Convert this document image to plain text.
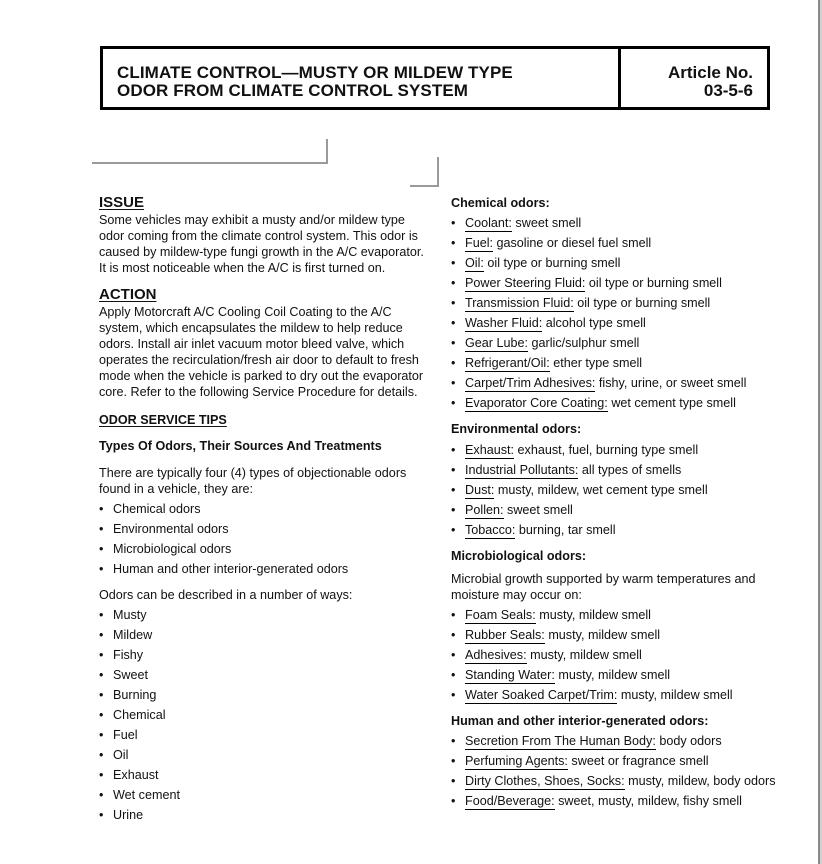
CLIMATE CONTROL—MUSTY OR MILDEW TYPE
ODOR FROM CLIMATE CONTROL SYSTEM
Article No.
03-5-6
ISSUE

Some vehicles may exhibit a musty and/or mildew type odor coming from the climate control system. This odor is caused by mildew-type fungi growth in the A/C evaporator. It is most noticeable when the A/C is first turned on.

ACTION

Apply Motorcraft A/C Cooling Coil Coating to the A/C system, which encapsulates the mildew to help reduce odors. Install air inlet vacuum motor bleed valve, which operates the recirculation/fresh air door to default to fresh mode when the vehicle is parked to dry out the evaporator core. Refer to the following Service Procedure for details.

ODOR SERVICE TIPS
Types Of Odors, Their Sources And Treatments

There are typically four (4) types of objectionable odors found in a vehicle, they are:

• Chemical odors
• Environmental odors
• Microbiological odors
• Human and other interior-generated odors

Odors can be described in a number of ways:

• Musty
• Mildew
• Fishy
• Sweet
• Burning
• Chemical
• Fuel
• Oil
• Exhaust
• Wet cement
• Urine
Chemical odors:
• Coolant: sweet smell
• Fuel: gasoline or diesel fuel smell
• Oil: oil type or burning smell
• Power Steering Fluid: oil type or burning smell
• Transmission Fluid: oil type or burning smell
• Washer Fluid: alcohol type smell
• Gear Lube: garlic/sulphur smell
• Refrigerant/Oil: ether type smell
• Carpet/Trim Adhesives: fishy, urine, or sweet smell
• Evaporator Core Coating: wet cement type smell
Environmental odors:
• Exhaust: exhaust, fuel, burning type smell
• Industrial Pollutants: all types of smells
• Dust: musty, mildew, wet cement type smell
• Pollen: sweet smell
• Tobacco: burning, tar smell
Microbiological odors:

Microbial growth supported by warm temperatures and moisture may occur on:

• Foam Seals: musty, mildew smell
• Rubber Seals: musty, mildew smell
• Adhesives: musty, mildew smell
• Standing Water: musty, mildew smell
• Water Soaked Carpet/Trim: musty, mildew smell
Human and other interior-generated odors:
• Secretion From The Human Body: body odors
• Perfuming Agents: sweet or fragrance smell
• Dirty Clothes, Shoes, Socks: musty, mildew, body odors
• Food/Beverage: sweet, musty, mildew, fishy smell
